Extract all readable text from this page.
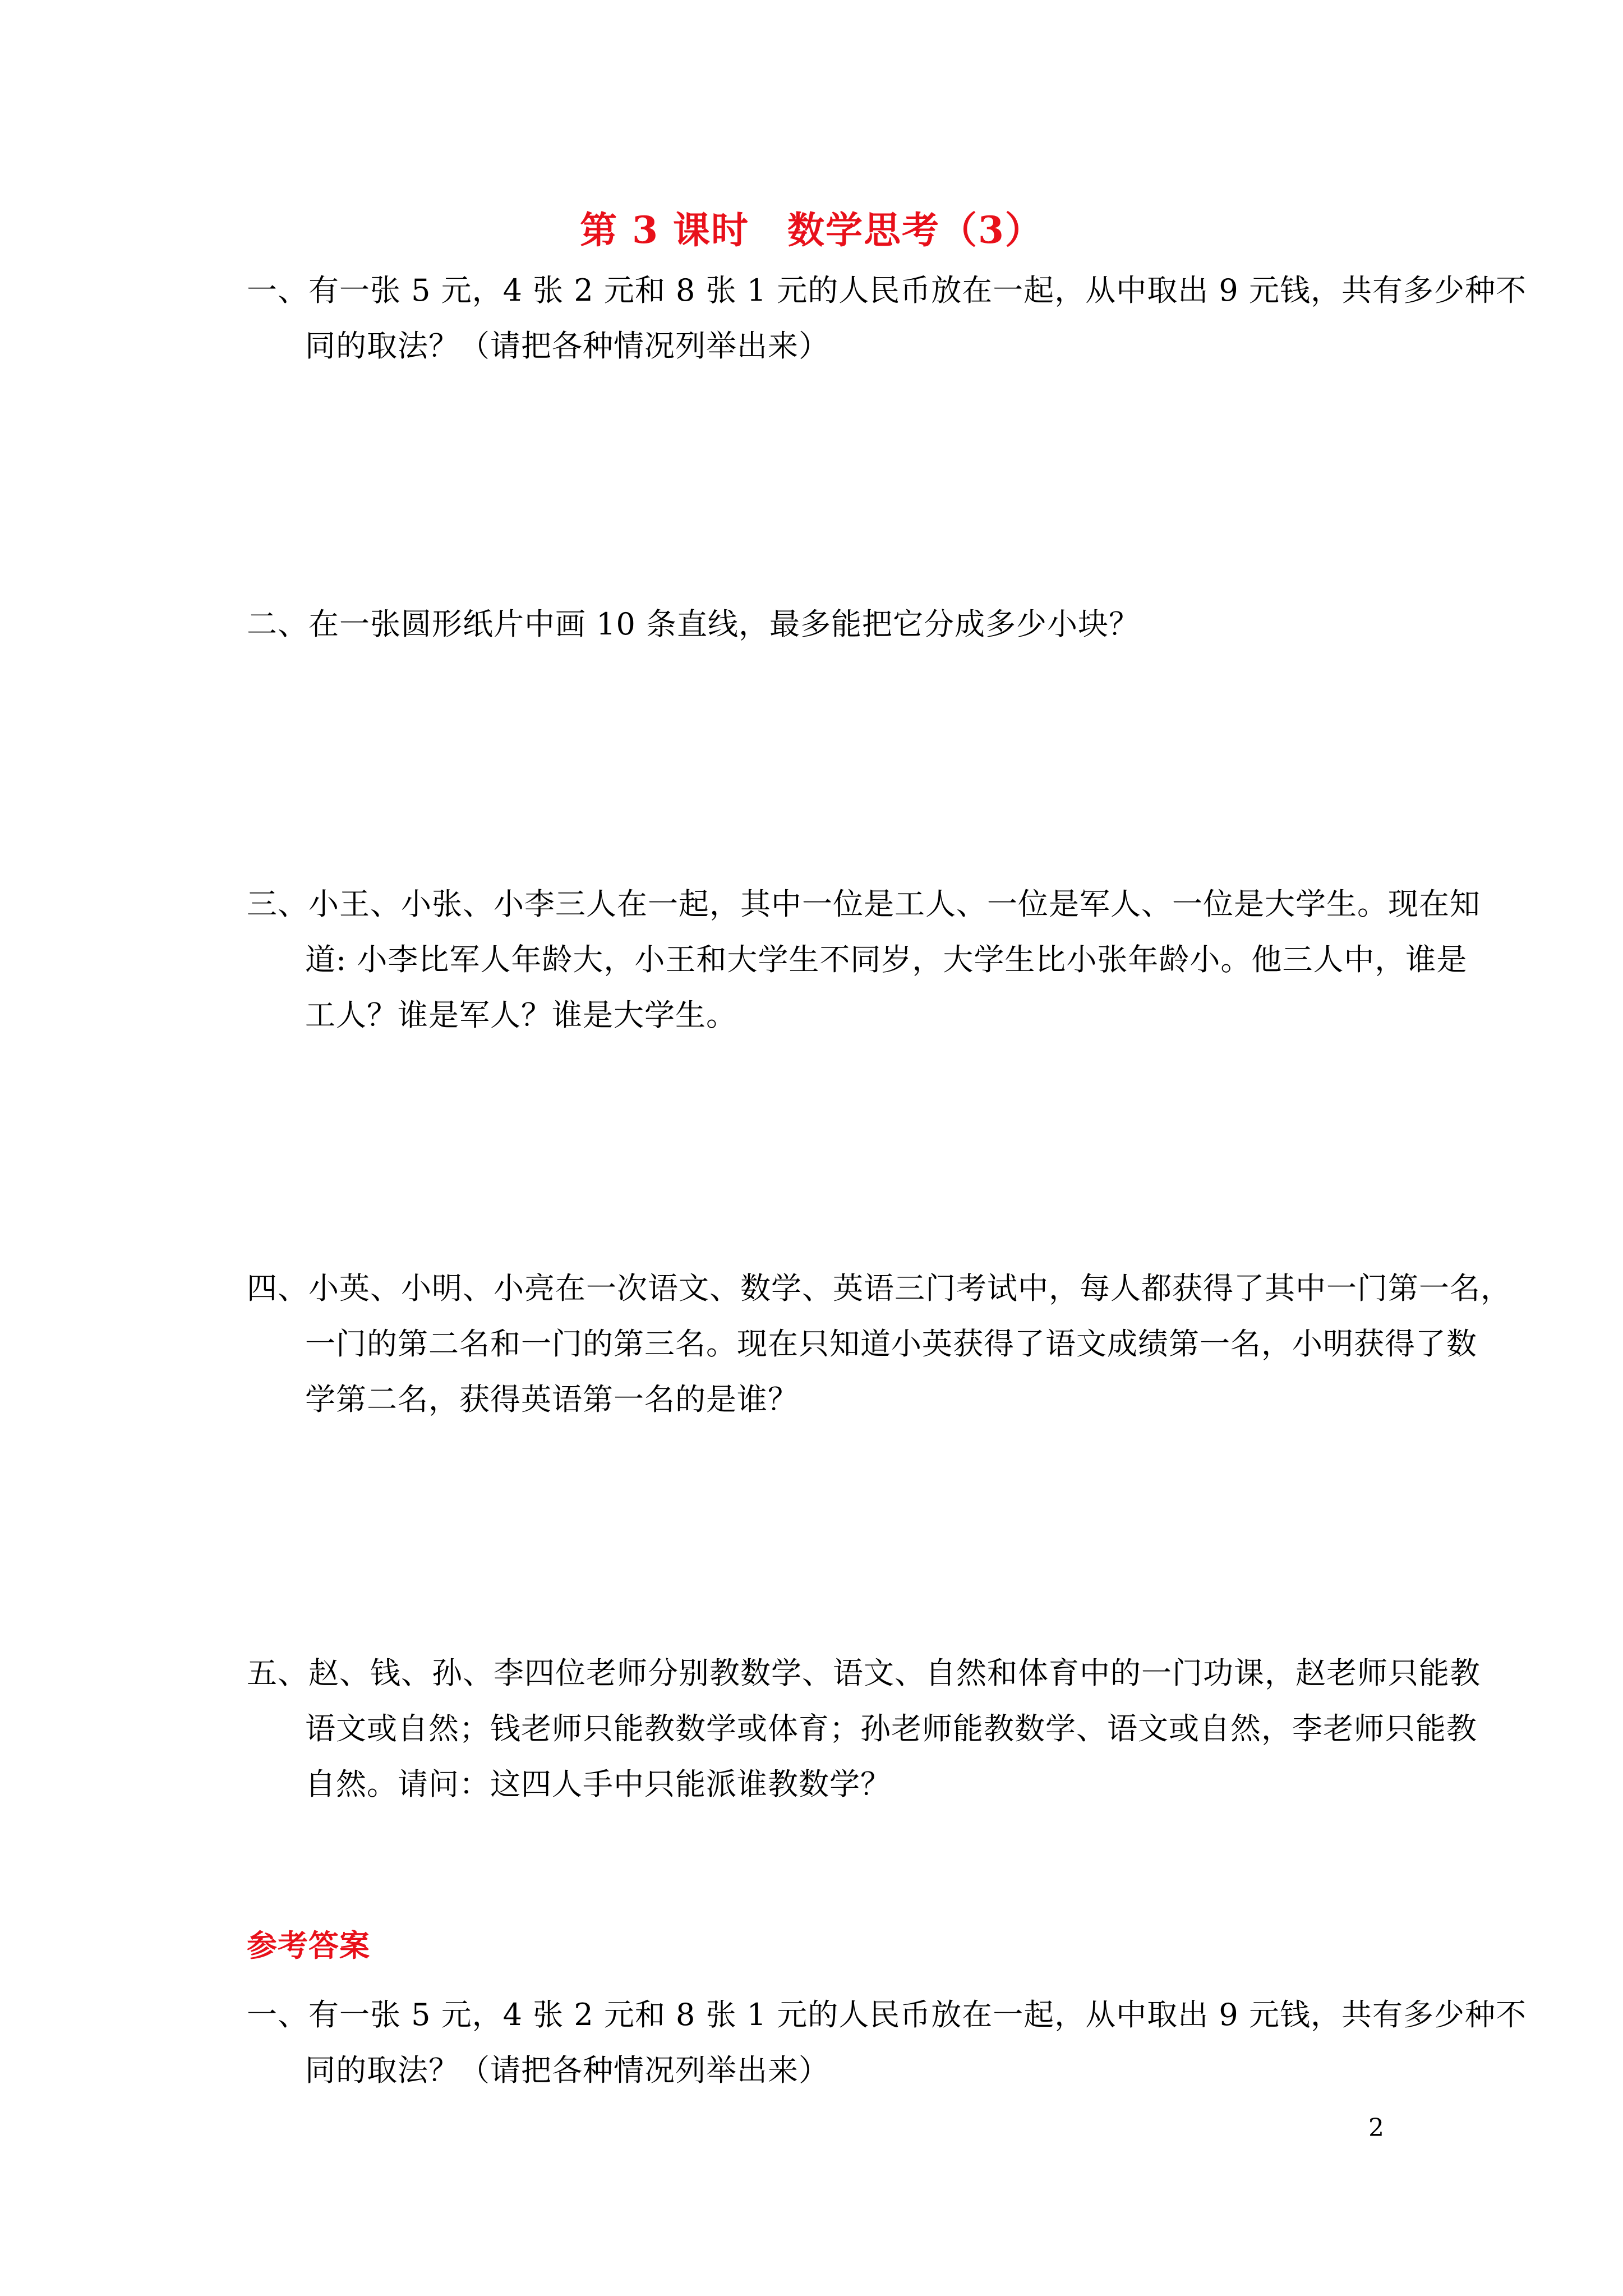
第 3 课时　数学思考（3）
一、有一张 5 元，4 张 2 元和 8 张 1 元的人民币放在一起，从中取出 9 元钱，共有多少种不
同的取法？（请把各种情况列举出来）
二、在一张圆形纸片中画 10 条直线，最多能把它分成多少小块？
三、小王、小张、小李三人在一起，其中一位是工人、一位是军人、一位是大学生。现在知
道: 小李比军人年龄大，小王和大学生不同岁，大学生比小张年龄小。他三人中，谁是
工人？谁是军人？谁是大学生。
四、小英、小明、小亮在一次语文、数学、英语三门考试中，每人都获得了其中一门第一名，
一门的第二名和一门的第三名。现在只知道小英获得了语文成绩第一名，小明获得了数
学第二名，获得英语第一名的是谁？
五、赵、钱、孙、李四位老师分别教数学、语文、自然和体育中的一门功课，赵老师只能教
语文或自然；钱老师只能教数学或体育；孙老师能教数学、语文或自然，李老师只能教
自然。请问：这四人手中只能派谁教数学？
参考答案
一、有一张 5 元，4 张 2 元和 8 张 1 元的人民币放在一起，从中取出 9 元钱，共有多少种不
同的取法？（请把各种情况列举出来）
2
